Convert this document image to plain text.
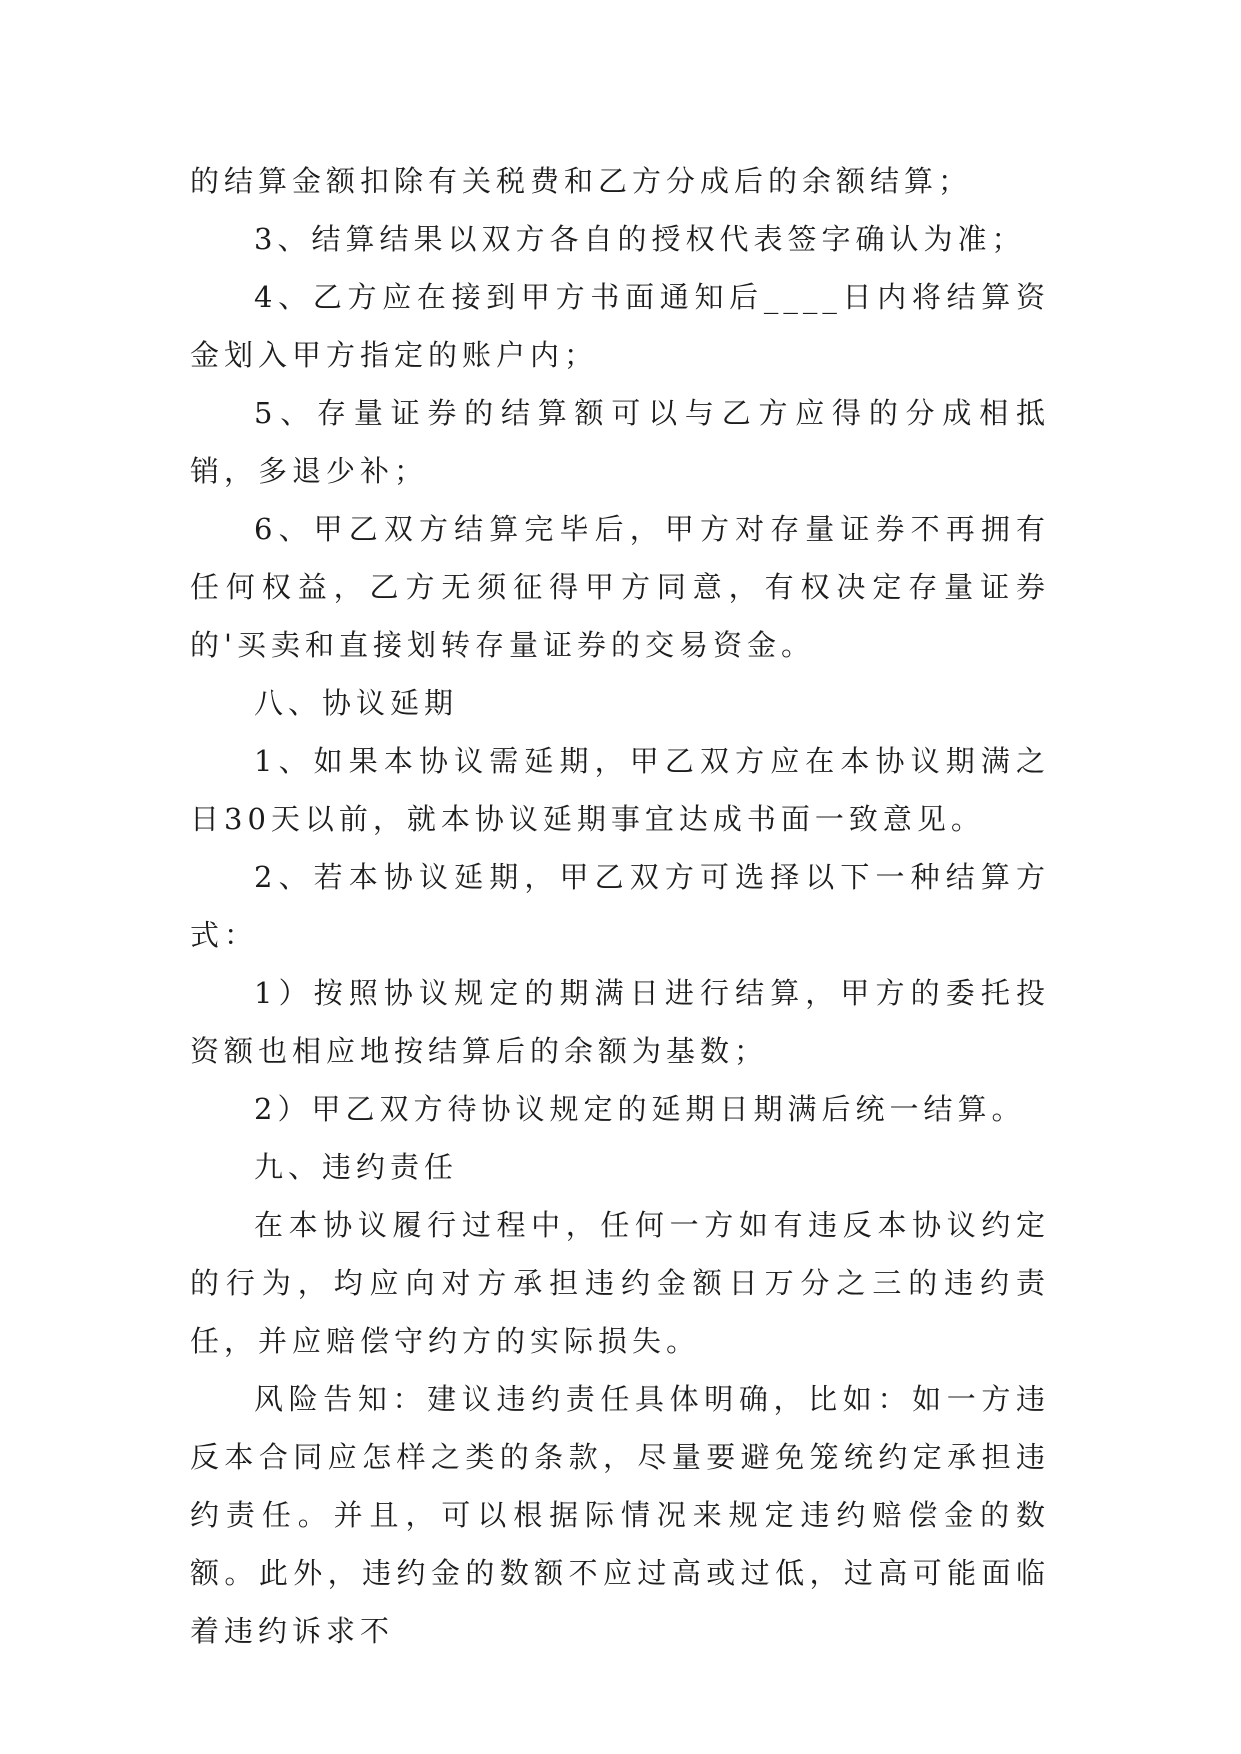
的结算金额扣除有关税费和乙方分成后的余额结算；

3、结算结果以双方各自的授权代表签字确认为准；

4、乙方应在接到甲方书面通知后____日内将结算资金划入甲方指定的账户内；

5、存量证券的结算额可以与乙方应得的分成相抵销，多退少补；

6、甲乙双方结算完毕后，甲方对存量证券不再拥有任何权益，乙方无须征得甲方同意，有权决定存量证券的'买卖和直接划转存量证券的交易资金。

八、协议延期

1、如果本协议需延期，甲乙双方应在本协议期满之日30天以前，就本协议延期事宜达成书面一致意见。

2、若本协议延期，甲乙双方可选择以下一种结算方式：

1）按照协议规定的期满日进行结算，甲方的委托投资额也相应地按结算后的余额为基数；

2）甲乙双方待协议规定的延期日期满后统一结算。

九、违约责任

在本协议履行过程中，任何一方如有违反本协议约定的行为，均应向对方承担违约金额日万分之三的违约责任，并应赔偿守约方的实际损失。

风险告知：建议违约责任具体明确，比如：如一方违反本合同应怎样之类的条款，尽量要避免笼统约定承担违约责任。并且，可以根据际情况来规定违约赔偿金的数额。此外，违约金的数额不应过高或过低，过高可能面临着违约诉求不
